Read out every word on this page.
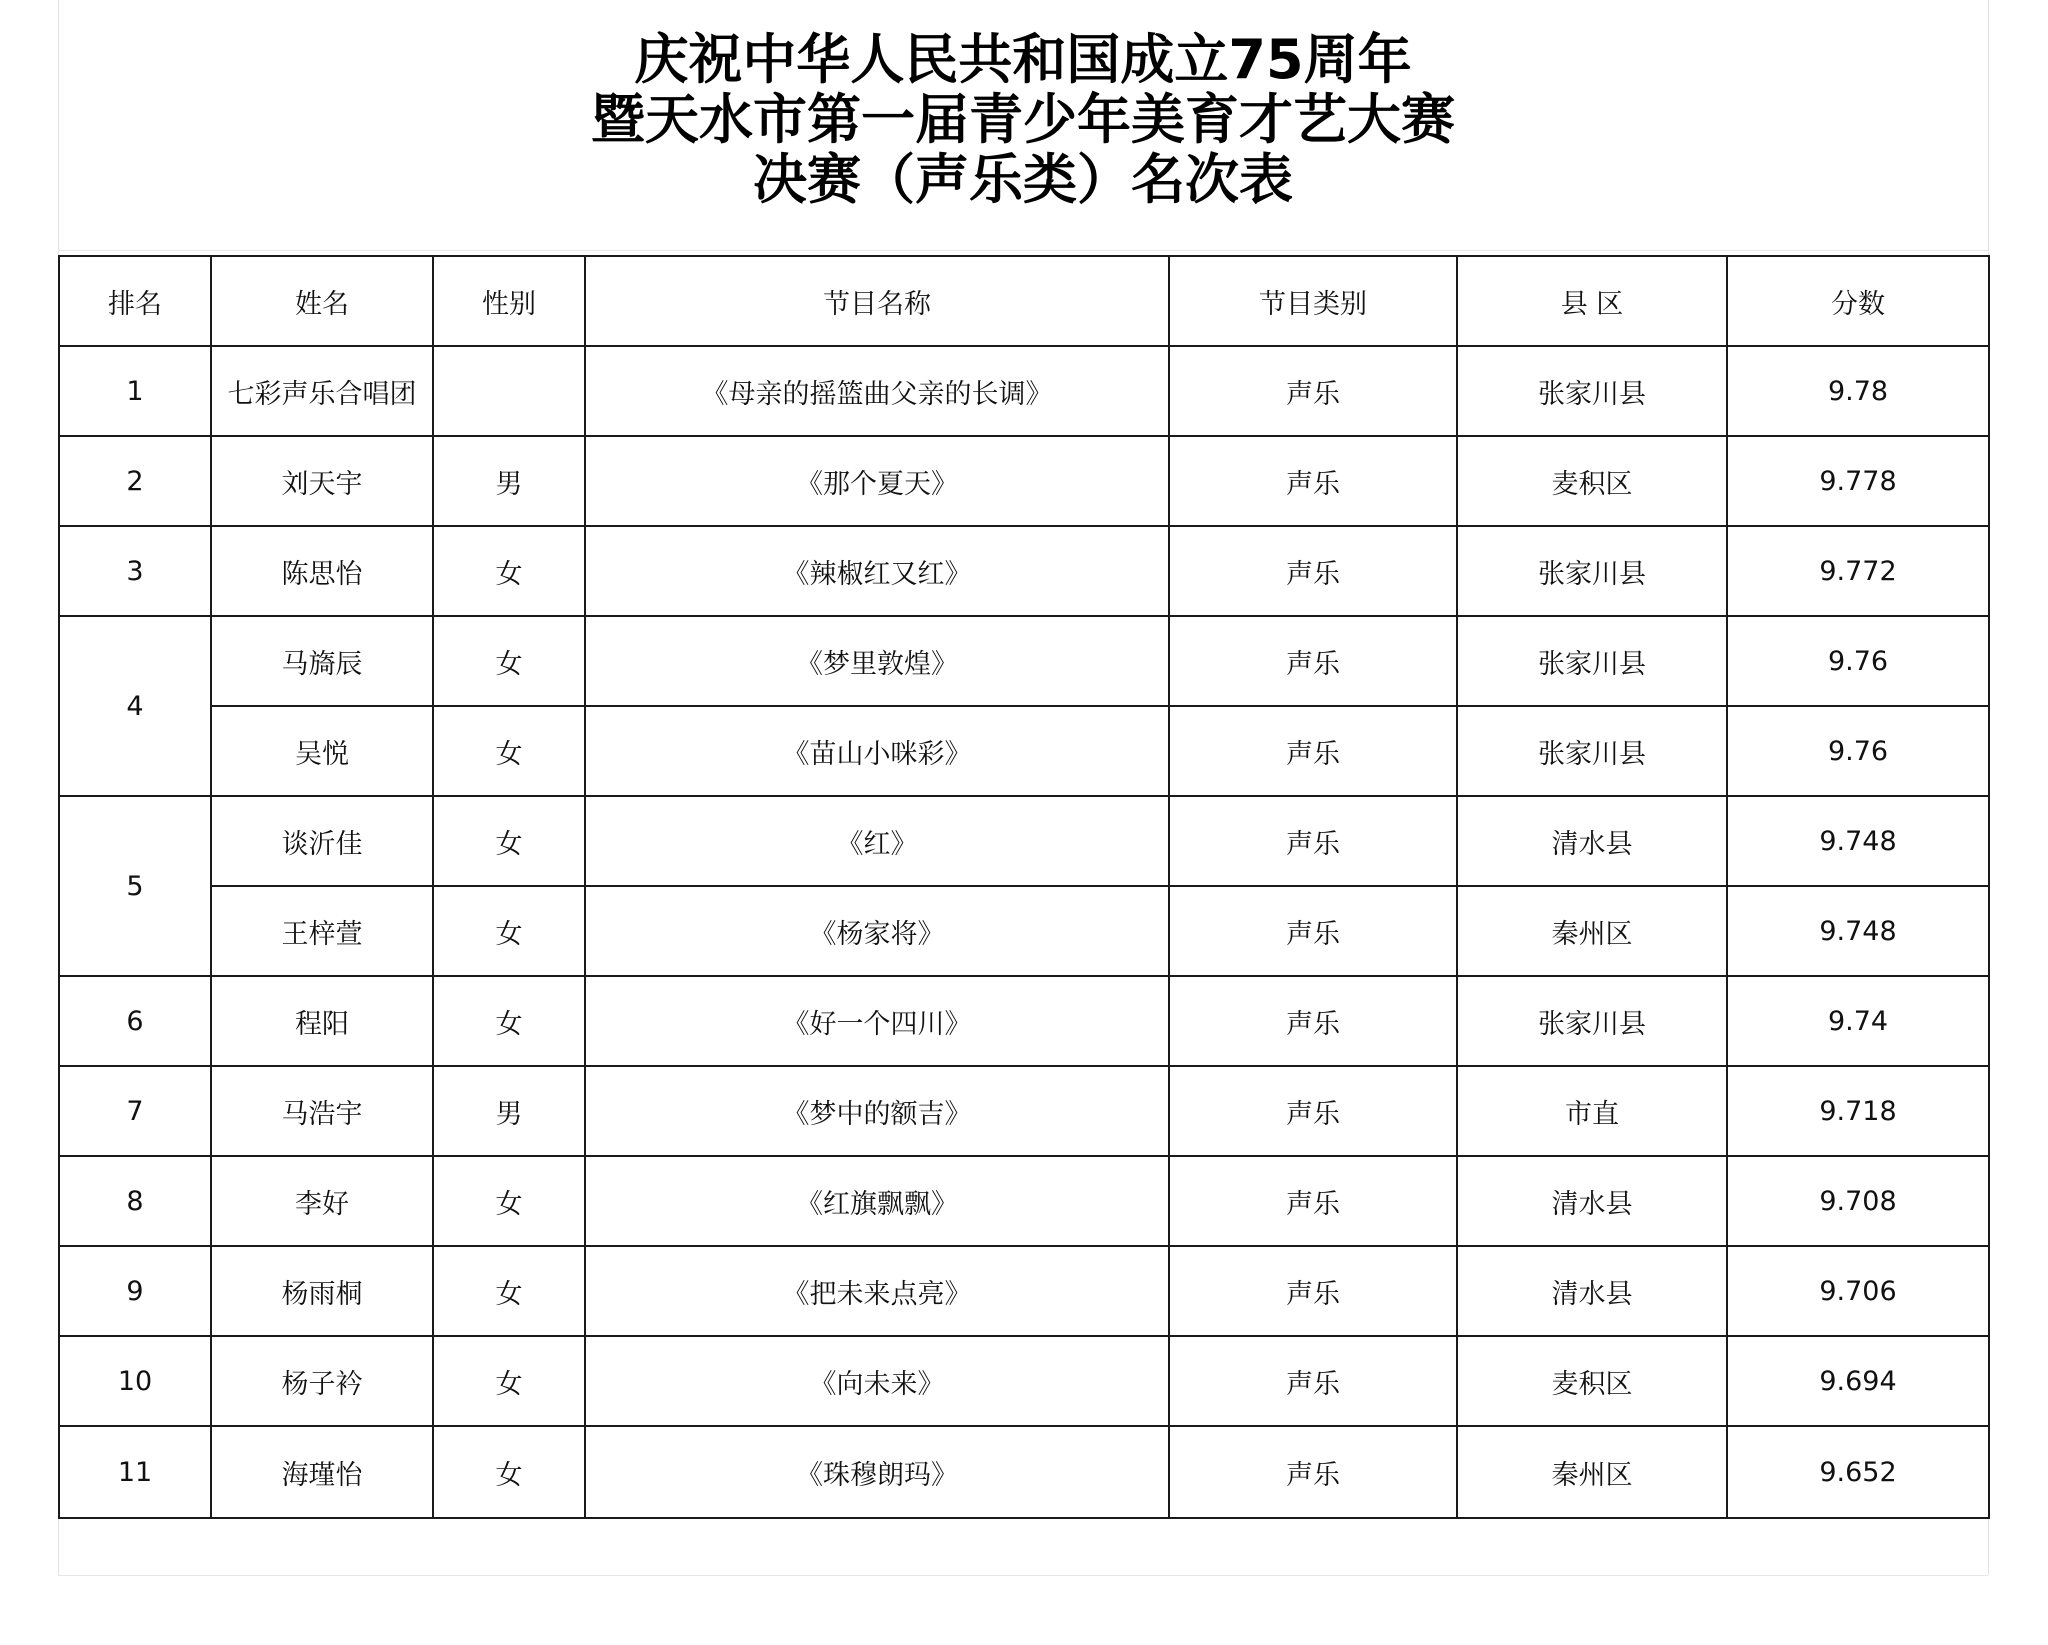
庆祝中华人民共和国成立75周年
暨天水市第一届青少年美育才艺大赛
决赛（声乐类）名次表
排名	姓名	性别	节目名称	节目类别	县 区	分数
1	七彩声乐合唱团		《母亲的摇篮曲父亲的长调》	声乐	张家川县	9.78
2	刘天宇	男	《那个夏天》	声乐	麦积区	9.778
3	陈思怡	女	《辣椒红又红》	声乐	张家川县	9.772
4	马旖辰	女	《梦里敦煌》	声乐	张家川县	9.76
	吴悦	女	《苗山小咪彩》	声乐	张家川县	9.76
5	谈沂佳	女	《红》	声乐	清水县	9.748
	王梓萱	女	《杨家将》	声乐	秦州区	9.748
6	程阳	女	《好一个四川》	声乐	张家川县	9.74
7	马浩宇	男	《梦中的额吉》	声乐	市直	9.718
8	李好	女	《红旗飘飘》	声乐	清水县	9.708
9	杨雨桐	女	《把未来点亮》	声乐	清水县	9.706
10	杨子衿	女	《向未来》	声乐	麦积区	9.694
11	海瑾怡	女	《珠穆朗玛》	声乐	秦州区	9.652
